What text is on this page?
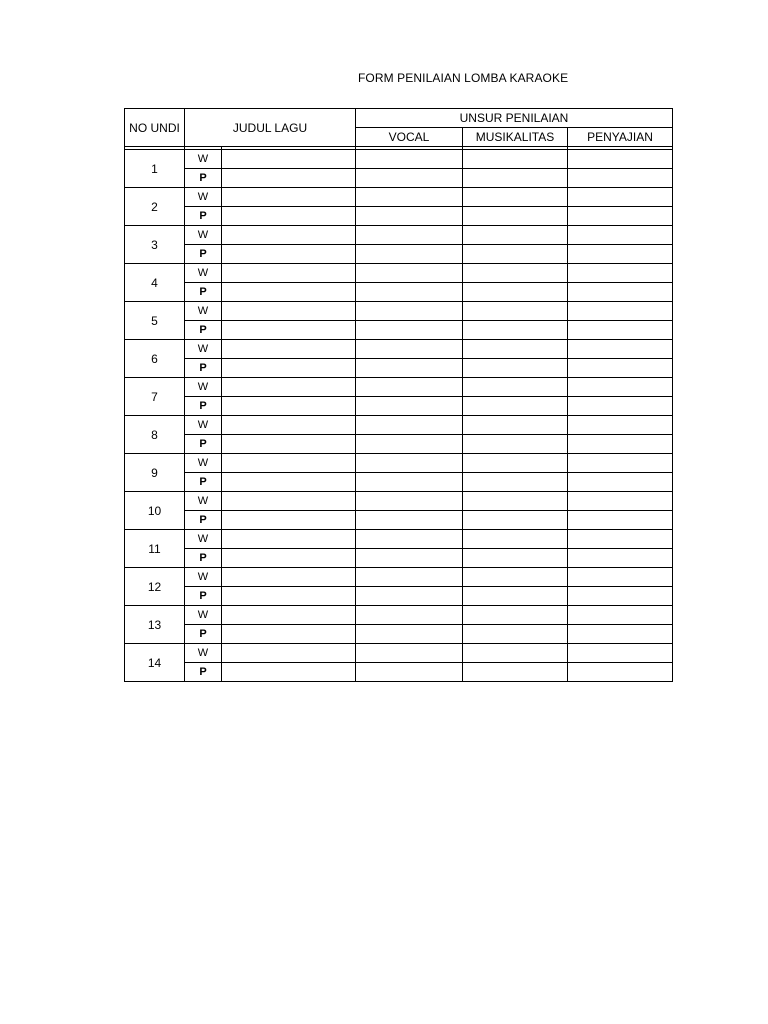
FORM PENILAIAN LOMBA KARAOKE
NO UNDI	JUDUL LAGU		UNSUR PENILAIAN		
			VOCAL	MUSIKALITAS	PENYAJIAN

1	W				
	P				
2	W				
	P				
3	W				
	P				
4	W				
	P				
5	W				
	P				
6	W				
	P				
7	W				
	P				
8	W				
	P				
9	W				
	P				
10	W				
	P				
11	W				
	P				
12	W				
	P				
13	W				
	P				
14	W				
	P				
